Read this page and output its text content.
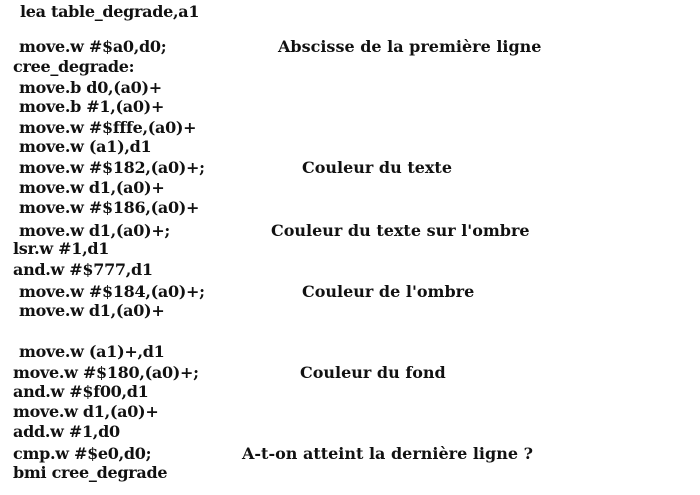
lea table_degrade,a1
move.w #$a0,d0;	Abscisse de la première ligne
cree_degrade:
move.b d0,(a0)+
move.b #1,(a0)+
move.w #$fffe,(a0)+
move.w (a1),d1
move.w #$182,(a0)+;	Couleur du texte
move.w d1,(a0)+
move.w #$186,(a0)+
move.w d1,(a0)+;	Couleur du texte sur l'ombre
lsr.w #1,d1
and.w #$777,d1
move.w #$184,(a0)+;	Couleur de l'ombre
move.w d1,(a0)+
move.w (a1)+,d1
move.w #$180,(a0)+;	Couleur du fond
and.w #$f00,d1
move.w d1,(a0)+
add.w #1,d0
cmp.w #$e0,d0;	A-t-on atteint la dernière ligne ?
bmi cree_degrade
